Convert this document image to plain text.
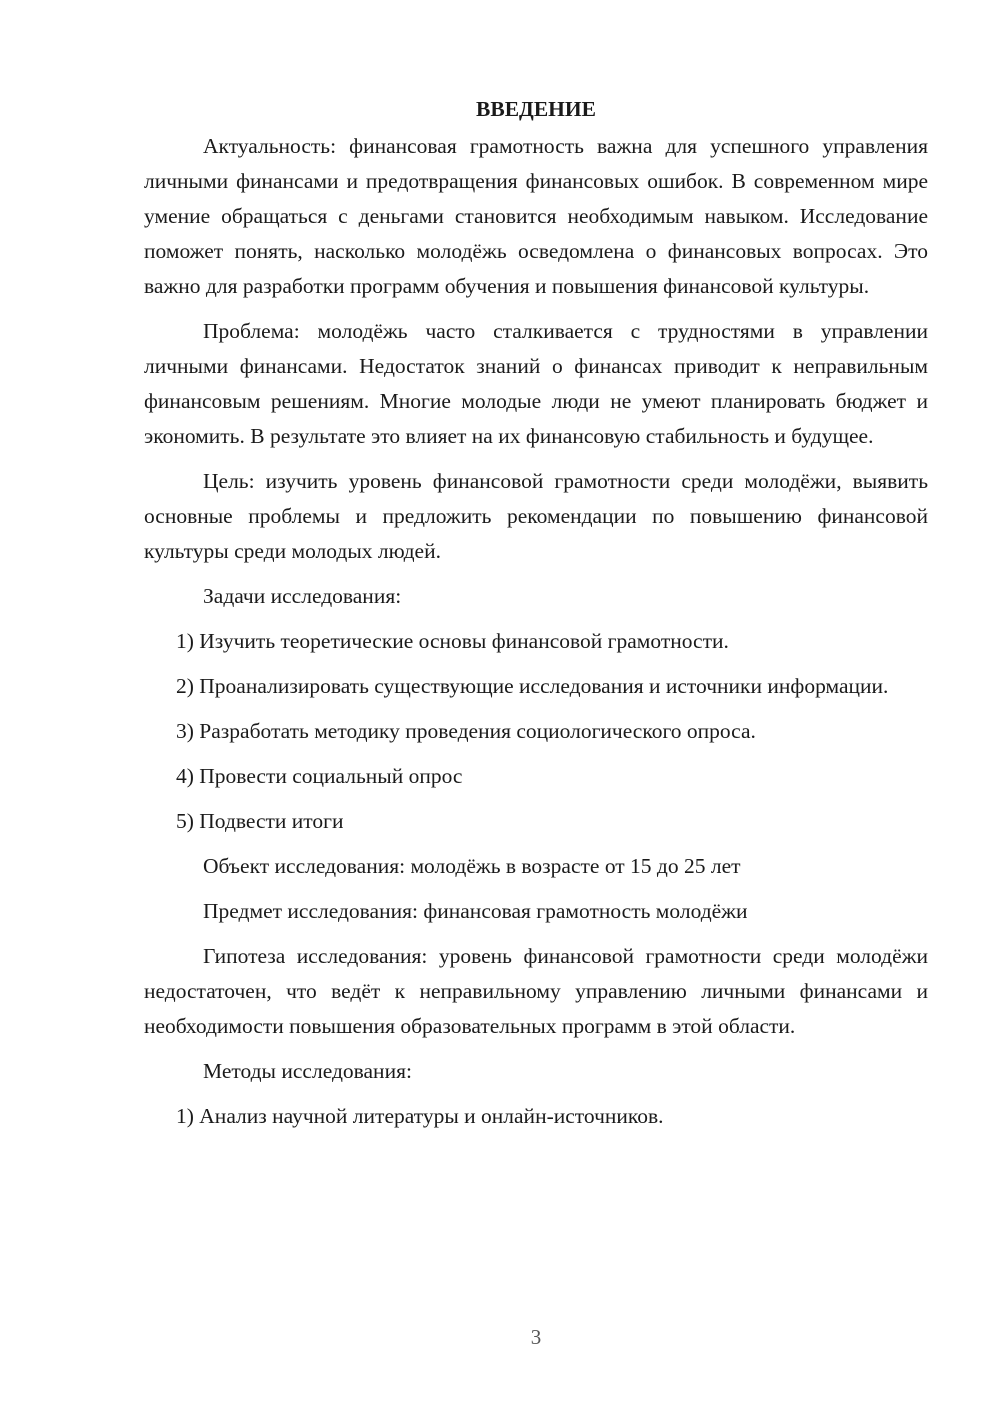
ВВЕДЕНИЕ

Актуальность: финансовая грамотность важна для успешного управления личными финансами и предотвращения финансовых ошибок. В современном мире умение обращаться с деньгами становится необходимым навыком. Исследование поможет понять, насколько молодёжь осведомлена о финансовых вопросах. Это важно для разработки программ обучения и повышения финансовой культуры.

Проблема: молодёжь часто сталкивается с трудностями в управлении личными финансами. Недостаток знаний о финансах приводит к неправильным финансовым решениям. Многие молодые люди не умеют планировать бюджет и экономить. В результате это влияет на их финансовую стабильность и будущее.

Цель: изучить уровень финансовой грамотности среди молодёжи, выявить основные проблемы и предложить рекомендации по повышению финансовой культуры среди молодых людей.

Задачи исследования:

1) Изучить теоретические основы финансовой грамотности.

2) Проанализировать существующие исследования и источники информации.

3) Разработать методику проведения социологического опроса.

4) Провести социальный опрос

5) Подвести итоги

Объект исследования: молодёжь в возрасте от 15 до 25 лет

Предмет исследования: финансовая грамотность молодёжи

Гипотеза исследования: уровень финансовой грамотности среди молодёжи недостаточен, что ведёт к неправильному управлению личными финансами и необходимости повышения образовательных программ в этой области.

Методы исследования:

1) Анализ научной литературы и онлайн-источников.

3
